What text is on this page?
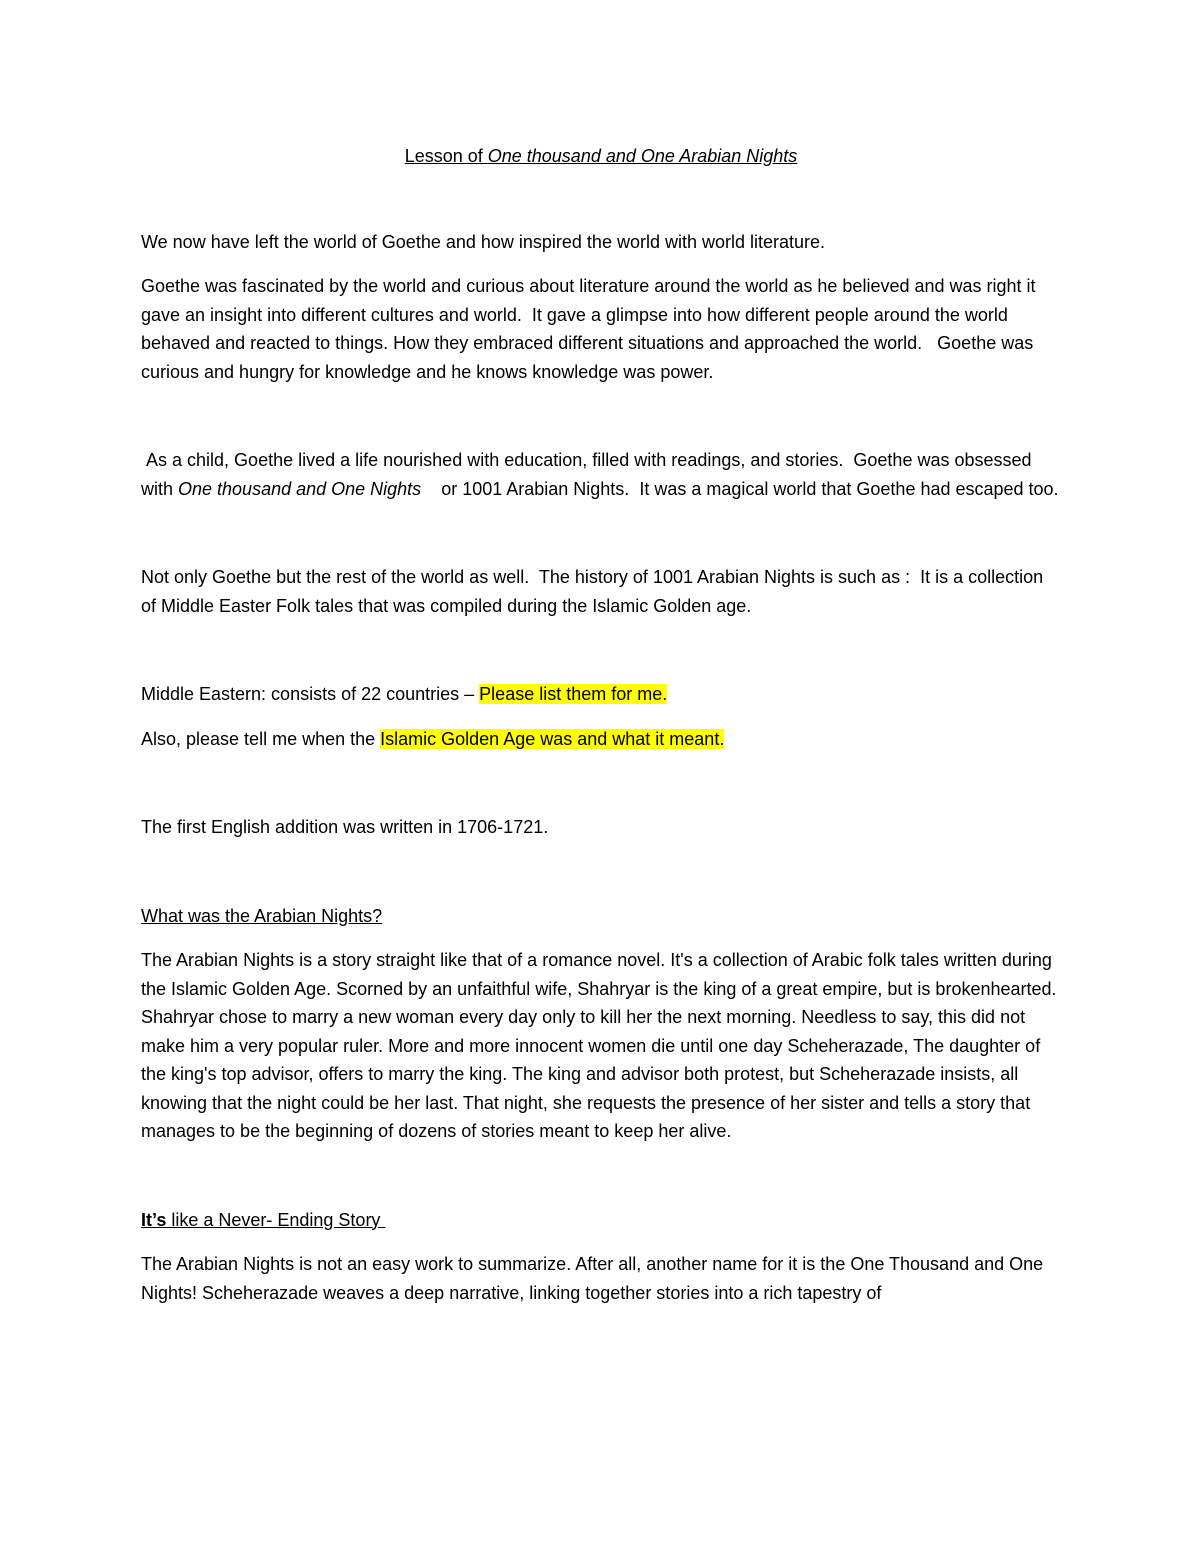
Lesson of One thousand and One Arabian Nights

We now have left the world of Goethe and how inspired the world with world literature.

Goethe was fascinated by the world and curious about literature around the world as he believed and was right it gave an insight into different cultures and world.  It gave a glimpse into how different people around the world behaved and reacted to things. How they embraced different situations and approached the world.   Goethe was curious and hungry for knowledge and he knows knowledge was power.

As a child, Goethe lived a life nourished with education, filled with readings, and stories.  Goethe was obsessed with One thousand and One Nights    or 1001 Arabian Nights.  It was a magical world that Goethe had escaped too.

Not only Goethe but the rest of the world as well.  The history of 1001 Arabian Nights is such as :  It is a collection of Middle Easter Folk tales that was compiled during the Islamic Golden age.

Middle Eastern: consists of 22 countries – Please list them for me.

Also, please tell me when the Islamic Golden Age was and what it meant.

The first English addition was written in 1706-1721.

What was the Arabian Nights?

The Arabian Nights is a story straight like that of a romance novel. It's a collection of Arabic folk tales written during the Islamic Golden Age. Scorned by an unfaithful wife, Shahryar is the king of a great empire, but is brokenhearted. Shahryar chose to marry a new woman every day only to kill her the next morning. Needless to say, this did not make him a very popular ruler. More and more innocent women die until one day Scheherazade, The daughter of the king's top advisor, offers to marry the king. The king and advisor both protest, but Scheherazade insists, all knowing that the night could be her last. That night, she requests the presence of her sister and tells a story that manages to be the beginning of dozens of stories meant to keep her alive.

It’s like a Never- Ending Story

The Arabian Nights is not an easy work to summarize. After all, another name for it is the One Thousand and One Nights! Scheherazade weaves a deep narrative, linking together stories into a rich tapestry of
